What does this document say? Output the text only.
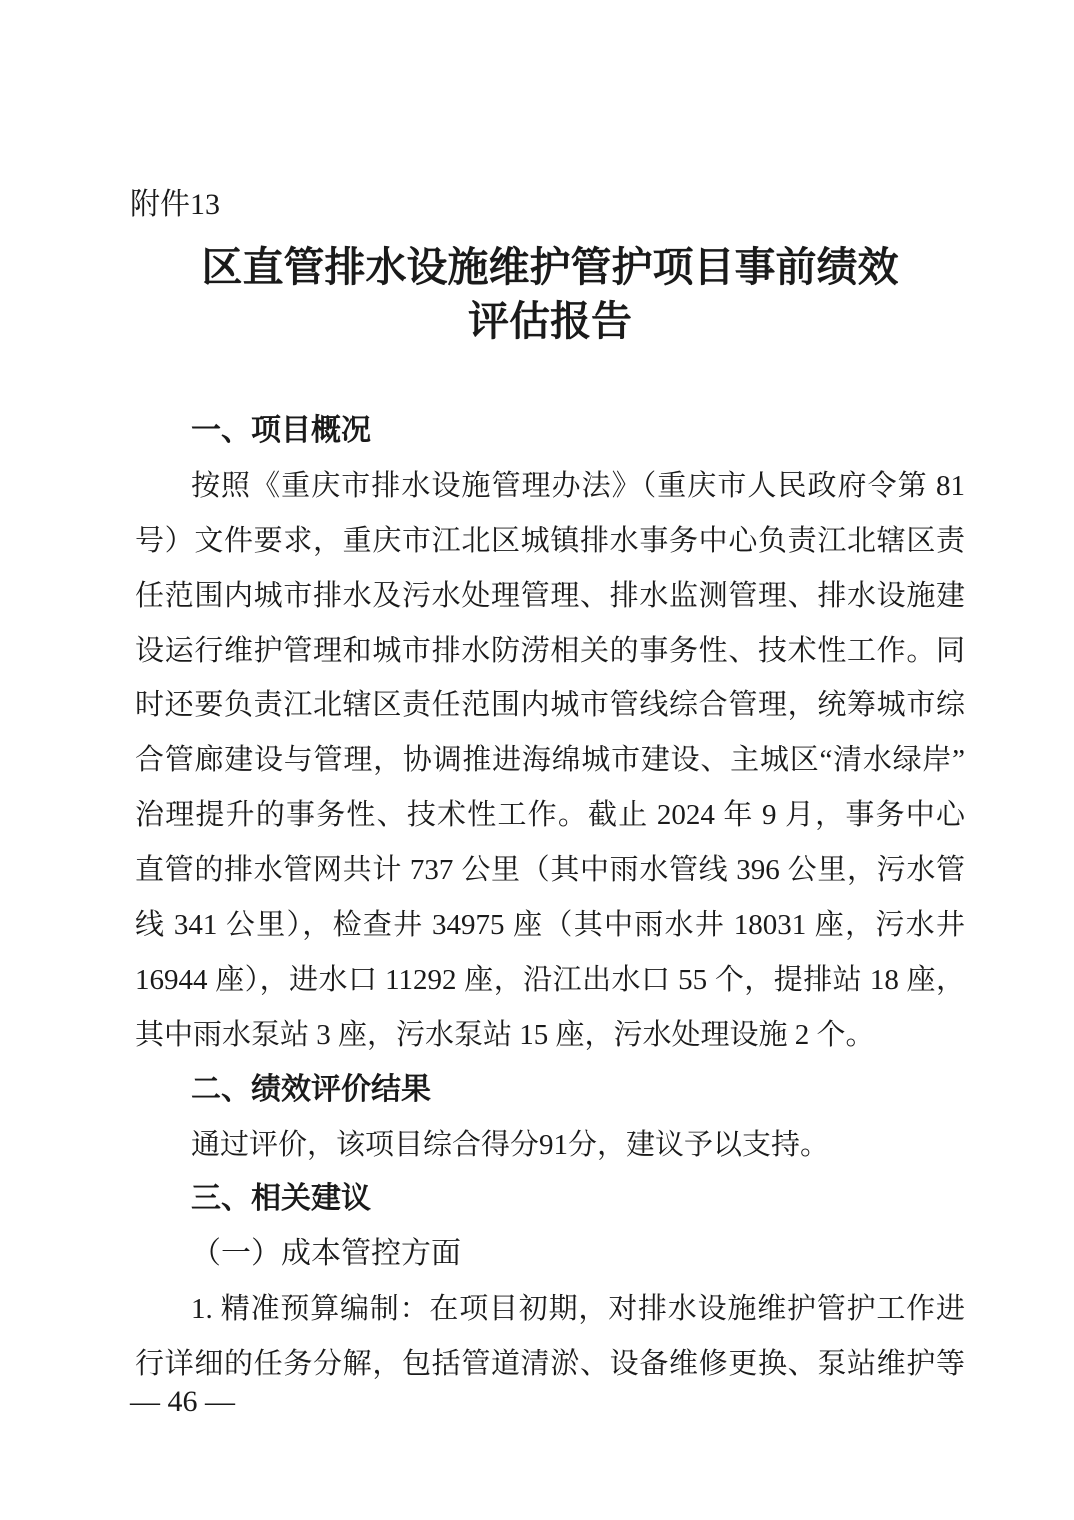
附件13
区直管排水设施维护管护项目事前绩效
评估报告
一、项目概况
按照《重庆市排水设施管理办法》（重庆市人民政府令第 81
号）文件要求，重庆市江北区城镇排水事务中心负责江北辖区责
任范围内城市排水及污水处理管理、排水监测管理、排水设施建
设运行维护管理和城市排水防涝相关的事务性、技术性工作。同
时还要负责江北辖区责任范围内城市管线综合管理，统筹城市综
合管廊建设与管理，协调推进海绵城市建设、主城区“清水绿岸”
治理提升的事务性、技术性工作。截止 2024 年 9 月，事务中心
直管的排水管网共计 737 公里（其中雨水管线 396 公里，污水管
线 341 公里），检查井 34975 座（其中雨水井 18031 座，污水井
16944 座），进水口 11292 座，沿江出水口 55 个，提排站 18 座，
其中雨水泵站 3 座，污水泵站 15 座，污水处理设施 2 个。
二、绩效评价结果
通过评价，该项目综合得分91分，建议予以支持。
三、相关建议
（一）成本管控方面
1. 精准预算编制：在项目初期，对排水设施维护管护工作进
行详细的任务分解，包括管道清淤、设备维修更换、泵站维护等
— 46 —
